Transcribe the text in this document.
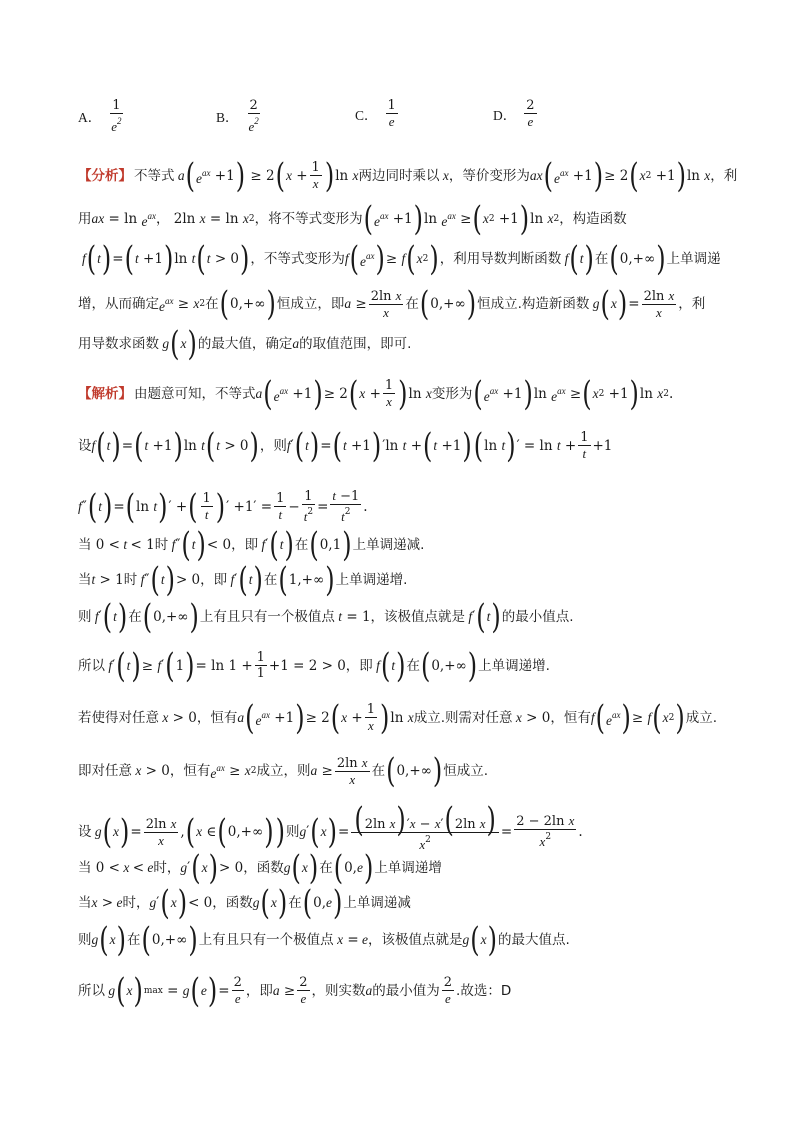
A． $\frac{1}{e^2}$	B． $\frac{2}{e^2}$	C． $\frac{1}{e}$	D． $\frac{2}{e}$
【分析】 不等式 a ( $e^{ax} +1$ ) ≥ 2 ( $x + \frac{1}{x}$ ) ln
x 两边同时乘以 x ，等价变形为 ax ( $e^{ax} +1$ ) ≥ 2 ( x 2 +1 ) ln x ，利
用 ax = $\ln e^{ax}$ ， 2ln x = ln x 2 ，将不等式变形为 ( $e^{ax} +1$ ) $\ln e^{ax}$ ≥ ( x 2 +1 ) ln x 2 ，构造函数
f ( t ) = ( t +1 ) ln t ( t > 0 ) ，不等式变形为 f ( $e^{ax}$ ) ≥ f ( x 2 ) ，利用导数判断函数 f ( t ) 在 ( 0,+∞ ) 上单调递
增，从而确定 $e^{ax} \ge x$ 2 在 ( 0,+∞ ) 恒成立，即 $a \ge \frac{\text{2ln x}}{x}$ 在 ( 0,+∞ ) 恒成立.构造新函数 g ( x ) = $\frac{\text{2ln x}}{x}$ ，利
用导数求函数 g ( x ) 的最大值，确定 a 的取值范围，即可.
【解析】 由题意可知，不等式 a ( $e^{ax} +1$ ) ≥ 2 ( $x + \frac{1}{x}$ ) ln x 变形为 ( $e^{ax} +1$ ) $\ln e^{ax}$ ≥ ( x 2 +1 ) ln x 2 .
设 f ( t ) = ( t +1 ) ln t ( t > 0 ) ，则 f ′ ( t ) = ( t +1 ) ′ln t + ( t +1 ) ( ln t ) ′ = $\ln t + \frac{1}{t} +1$
f ″ ( t ) = ( ln t ) ′ + ( $\frac{1}{t}$ ) ′ $+1' = \frac{1}{t} - \frac{1}{t^2} = \frac{t -1}{t^2}$ .
当 0 < t < 1 时 f ″ ( t ) < 0 ，即 f ′ ( t ) 在 ( 0,1 ) 上单调递减.
当 t > 1 时 f ″ ( t ) > 0 ，即 f ′ ( t ) 在 ( 1,+∞ ) 上单调递增.
则 f ′ ( t ) 在 ( 0,+∞ ) 上有且只有一个极值点 t = 1 ，该极值点就是 f ′ ( t ) 的最小值点.
所以 f ′ ( t ) ≥ f ′ ( 1 ) = $\ln 1 + \frac{1}{1} +1 = 2 > 0$ ，即 f ( t ) 在 ( 0,+∞ ) 上单调递增.
若使得对任意 x > 0 ，恒有 a ( $e^{ax} +1$ ) ≥ 2 ( $x + \frac{1}{x}$ ) ln x 成立.则需对任意 x > 0 ，恒有 f ( $e^{ax}$ ) ≥ f ( x 2 ) 成立.
即对任意 x > 0 ，恒有 $e^{ax} \ge x$ 2 成立，则 $a \ge \frac{\text{2ln x}}{x}$ 在 ( 0,+∞ ) 恒成立.
设 g ( x ) = $\frac{\text{2ln x}}{x}$ , ( x ∈ ( 0,+∞ ) ) 则 g ′ ( x ) = $\frac{\text{(2ln x)′x − x′(2ln x)}}{x^2} = \frac{\text{2 − 2ln x}}{x^2}$ .
当 0 < x < e 时， g ′ ( x ) > 0 ，函数 g ( x ) 在 ( 0, e ) 上单调递增
当 x > e 时， g ′ ( x ) < 0 ，函数 g ( x ) 在 ( 0, e ) 上单调递减
则 g ( x ) 在 ( 0,+∞ ) 上有且只有一个极值点 x = e ，该极值点就是 g ( x ) 的最大值点.
所以 g ( x ) max = g ( e ) = $\frac{2}{e}$ ，即 $a \ge \frac{2}{e}$ ，则实数 a 的最小值为 $\frac{2}{e}$ .故选：D
